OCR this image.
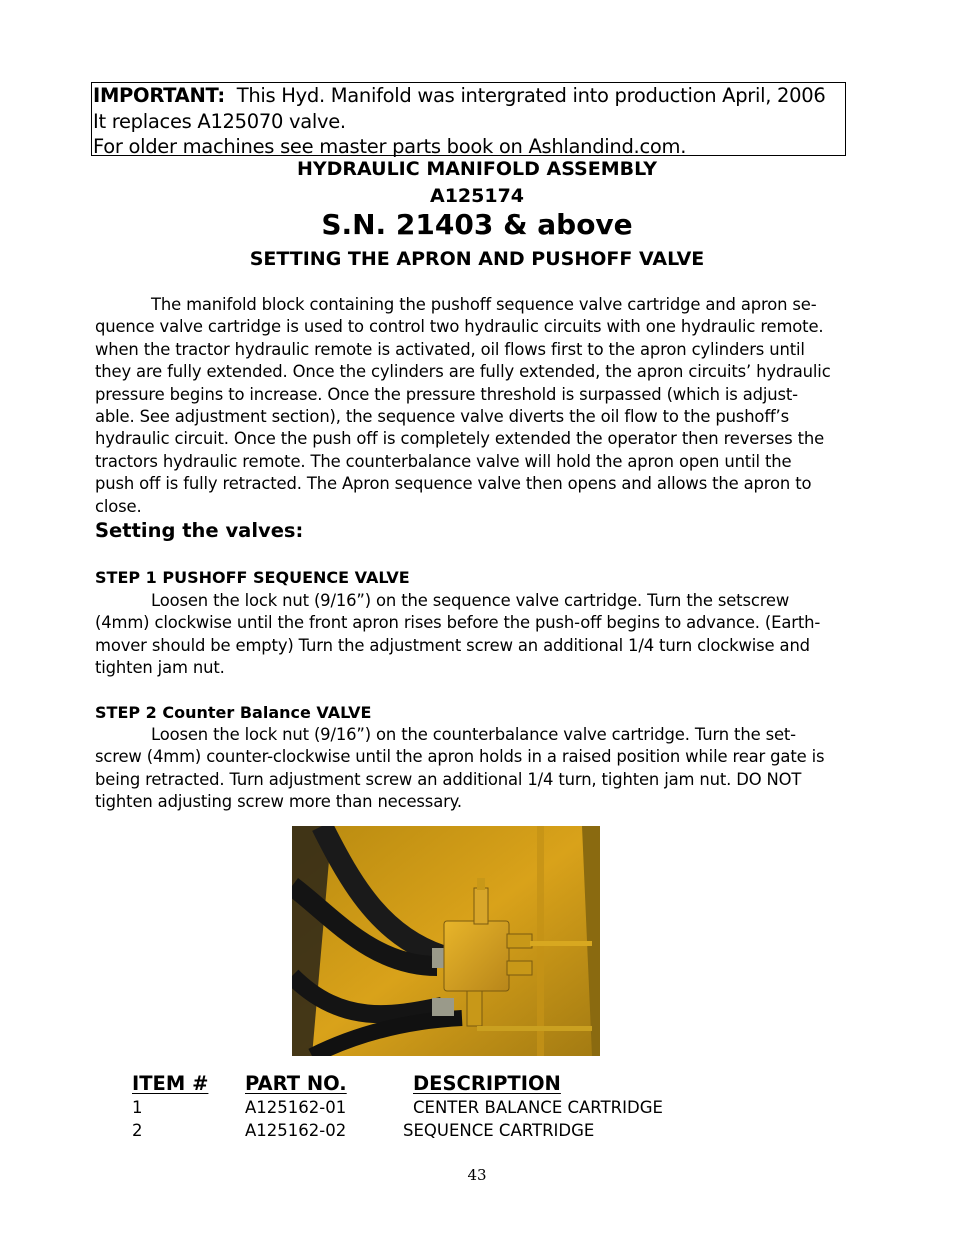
IMPORTANT: This Hyd. Manifold was intergrated into production April, 2006
It replaces A125070 valve.
For older machines see master parts book on Ashlandind.com.
HYDRAULIC MANIFOLD ASSEMBLY
A125174
S.N. 21403 & above
SETTING THE APRON AND PUSHOFF VALVE
The manifold block containing the pushoff sequence valve cartridge and apron se-
quence valve cartridge is used to control two hydraulic circuits with one hydraulic remote.
when the tractor hydraulic remote is activated, oil flows first to the apron cylinders until
they are fully extended. Once the cylinders are fully extended, the apron circuits’ hydraulic
pressure begins to increase. Once the pressure threshold is surpassed (which is adjust-
able. See adjustment section), the sequence valve diverts the oil flow to the pushoff’s
hydraulic circuit. Once the push off is completely extended the operator then reverses the
tractors hydraulic remote. The counterbalance valve will hold the apron open until the
push off is fully retracted. The Apron sequence valve then opens and allows the apron to
close.
Setting the valves:
STEP 1 PUSHOFF SEQUENCE VALVE
Loosen the lock nut (9/16”) on the sequence valve cartridge. Turn the setscrew
(4mm) clockwise until the front apron rises before the push-off begins to advance. (Earth-
mover should be empty) Turn the adjustment screw an additional 1/4 turn clockwise and
tighten jam nut.
STEP 2 Counter Balance VALVE
Loosen the lock nut (9/16”) on the counterbalance valve cartridge. Turn the set-
screw (4mm) counter-clockwise until the apron holds in a raised position while rear gate is
being retracted. Turn adjustment screw an additional 1/4 turn, tighten jam nut. DO NOT
tighten adjusting screw more than necessary.
ITEM # PART NO.	DESCRIPTION
1	A125162-01	CENTER BALANCE CARTRIDGE
2	A125162-02	SEQUENCE CARTRIDGE
43
